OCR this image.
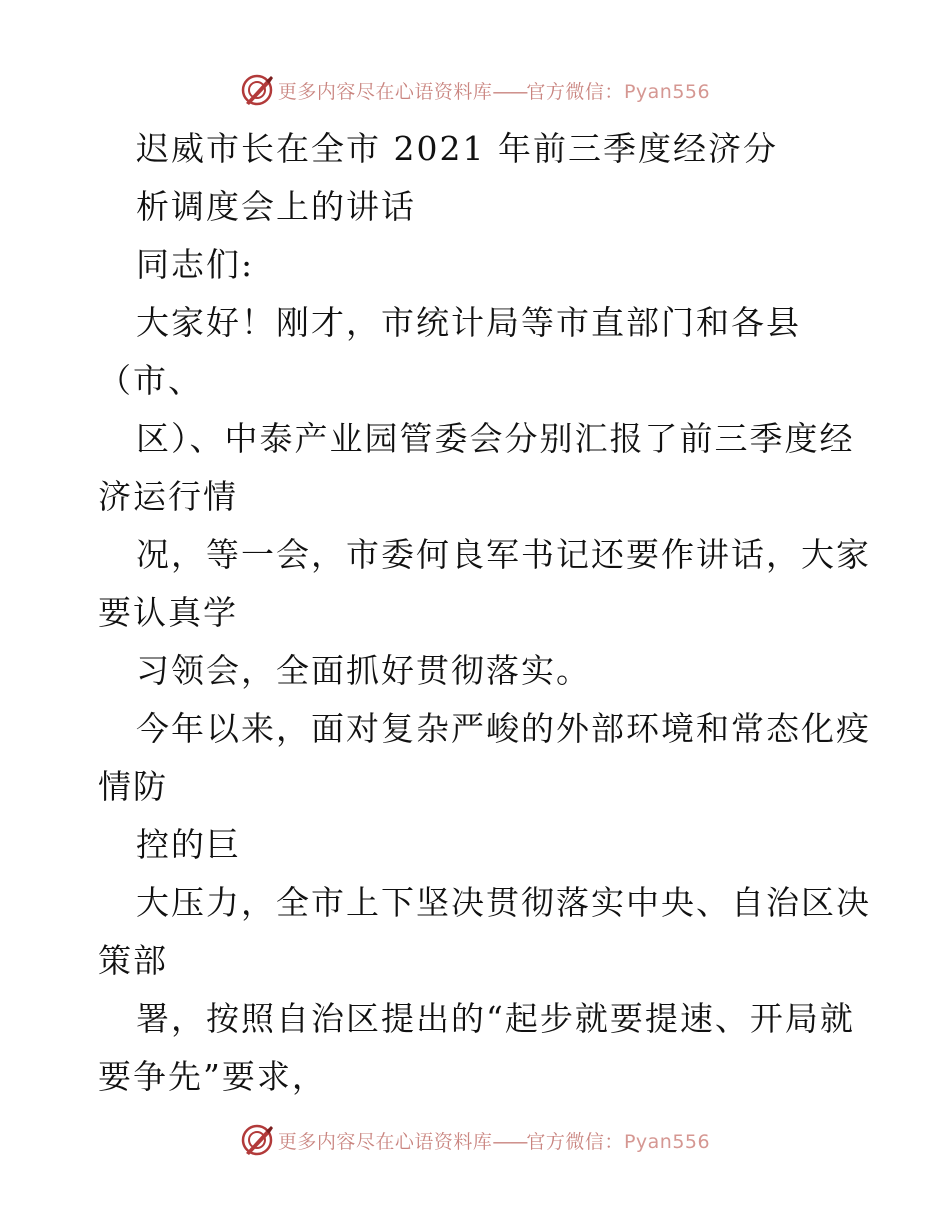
更多内容尽在心语资料库——官方微信：Pyan556
迟威市长在全市 2021 年前三季度经济分
析调度会上的讲话
同志们:
大家好！刚才，市统计局等市直部门和各县
（市、
区）、中泰产业园管委会分别汇报了前三季度经
济运行情
况，等一会，市委何良军书记还要作讲话，大家
要认真学
习领会，全面抓好贯彻落实。
今年以来，面对复杂严峻的外部环境和常态化疫
情防
控的巨
大压力，全市上下坚决贯彻落实中央、自治区决
策部
署，按照自治区提出的“起步就要提速、开局就
要争先”要求，
更多内容尽在心语资料库——官方微信：Pyan556
